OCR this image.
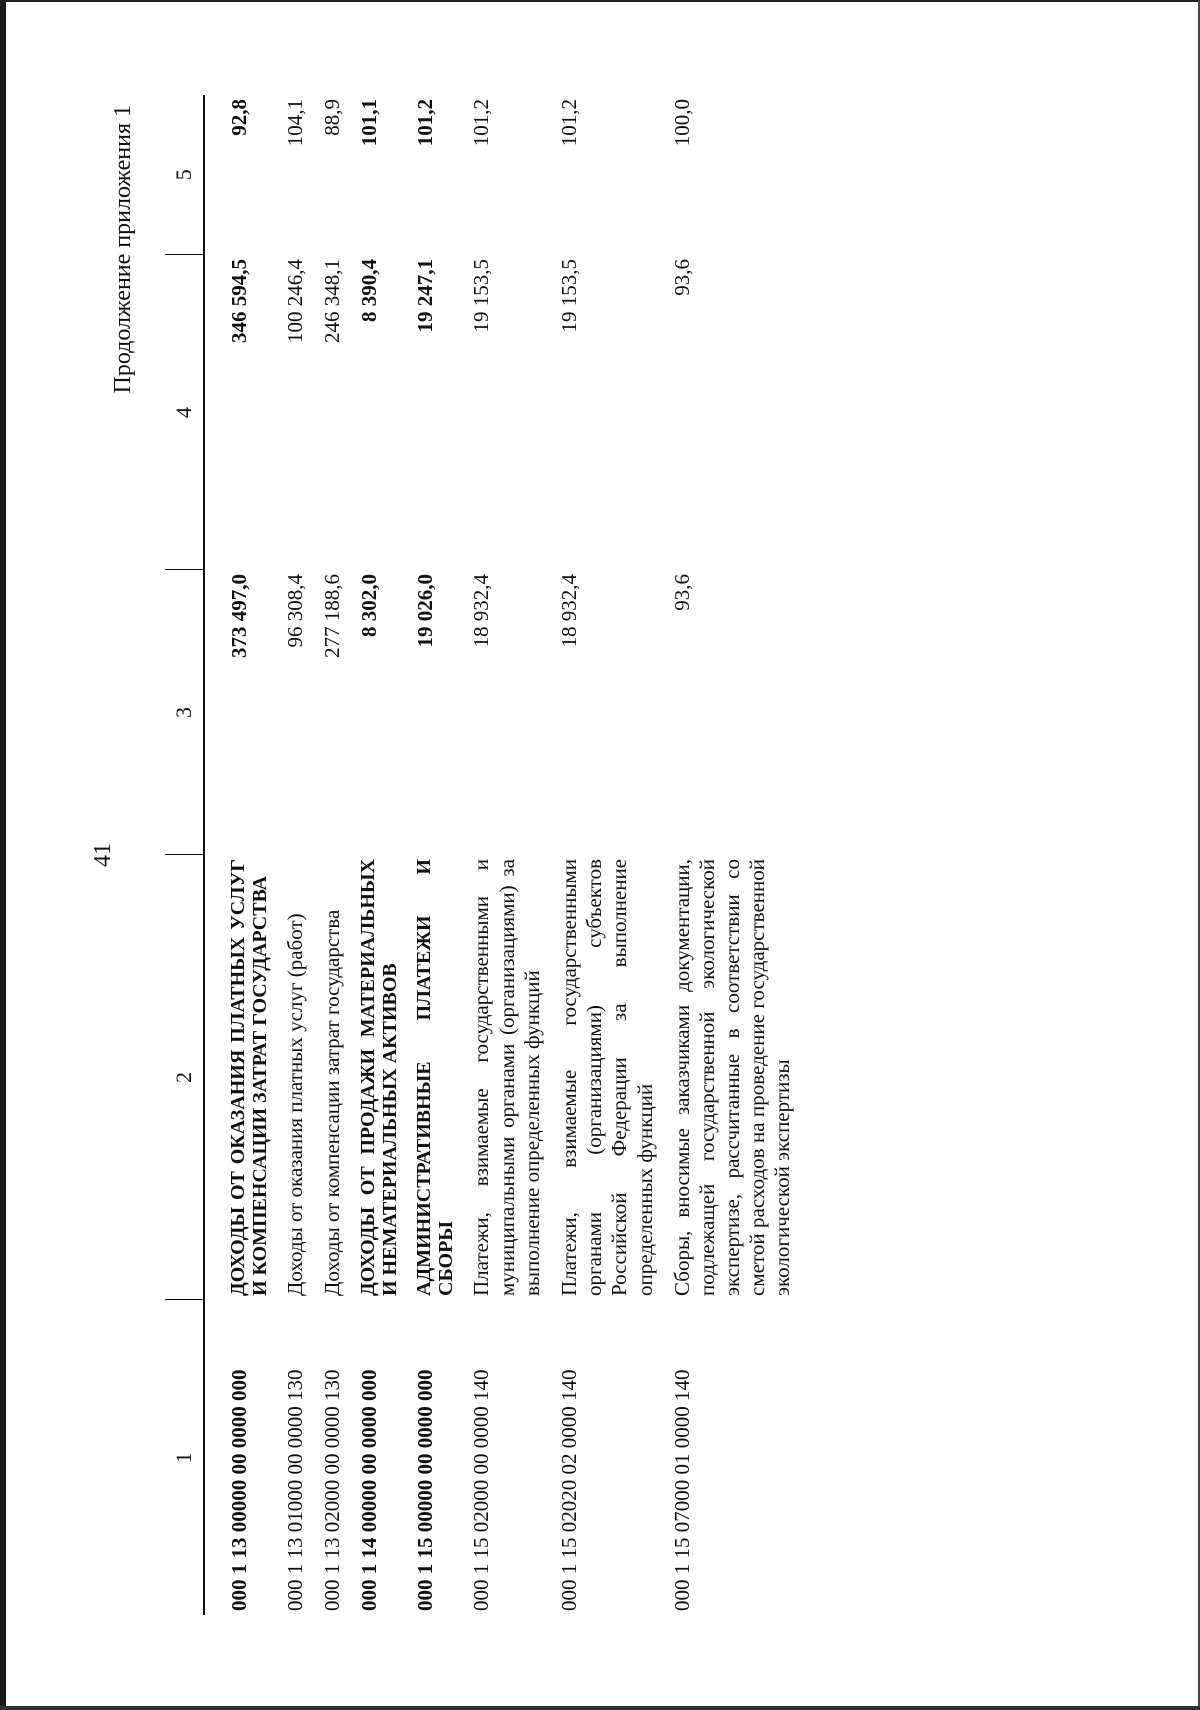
41
Продолжение приложения 1
1	2	3	4	5
000 1 13 00000 00 0000 000	ДОХОДЫ ОТ ОКАЗАНИЯ ПЛАТНЫХ УСЛУГ И КОМПЕНСАЦИИ ЗАТРАТ ГОСУДАРСТВА	373 497,0	346 594,5	92,8
000 1 13 01000 00 0000 130	Доходы от оказания платных услуг (работ)	96 308,4	100 246,4	104,1
000 1 13 02000 00 0000 130	Доходы от компенсации затрат государства	277 188,6	246 348,1	88,9
000 1 14 00000 00 0000 000	ДОХОДЫ ОТ ПРОДАЖИ МАТЕРИАЛЬНЫХ И НЕМАТЕРИАЛЬНЫХ АКТИВОВ	8 302,0	8 390,4	101,1
000 1 15 00000 00 0000 000	АДМИНИСТРАТИВНЫЕ ПЛАТЕЖИ И СБОРЫ	19 026,0	19 247,1	101,2
000 1 15 02000 00 0000 140	Платежи, взимаемые государственными и муниципальными органами (организациями) за выполнение определенных функций	18 932,4	19 153,5	101,2
000 1 15 02020 02 0000 140	Платежи, взимаемые государственными органами (организациями) субъектов Российской Федерации за выполнение определенных функций	18 932,4	19 153,5	101,2
000 1 15 07000 01 0000 140	Сборы, вносимые заказчиками документации, подлежащей государственной экологической экспертизе, рассчитанные в соответствии со сметой расходов на проведение государственной экологической экспертизы	93,6	93,6	100,0
